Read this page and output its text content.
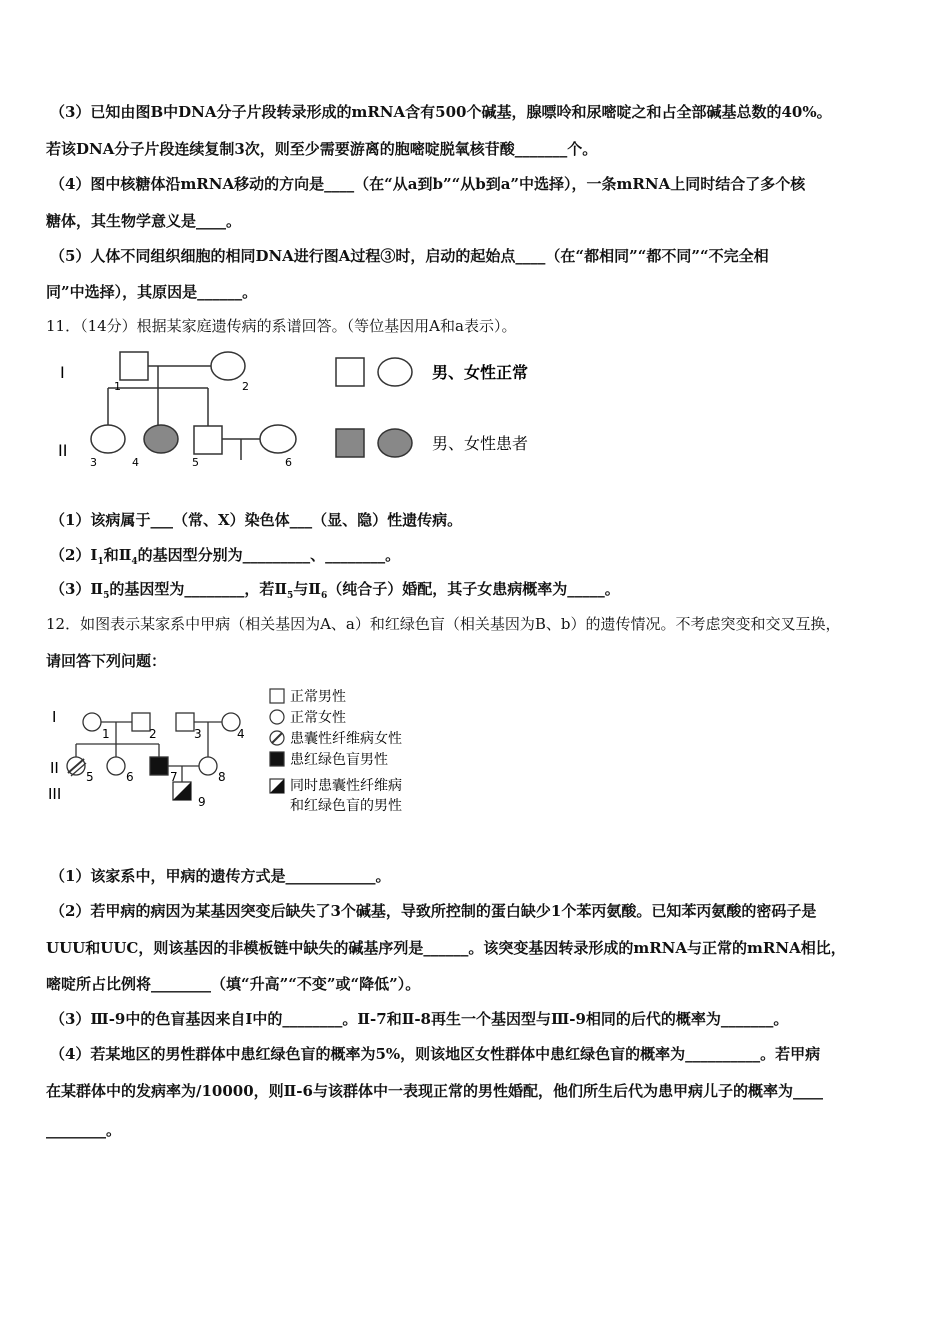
（3）已知由图B中DNA分子片段转录形成的mRNA含有500个碱基，腺嘌呤和尿嘧啶之和占全部碱基总数的40%。
若该DNA分子片段连续复制3次，则至少需要游离的胞嘧啶脱氧核苷酸_______个。
（4）图中核糖体沿mRNA移动的方向是____（在“从a到b”“从b到a”中选择），一条mRNA上同时结合了多个核
糖体，其生物学意义是____。
（5）人体不同组织细胞的相同DNA进行图A过程③时，启动的起始点____（在“都相同”“都不同”“不完全相
同”中选择），其原因是______。
11．（14分）根据某家庭遗传病的系谱回答。（等位基因用A和a表示）。
I
II
1	2
3	4	5	6
男、女性正常
男、女性患者
（1）该病属于___（常、X）染色体___（显、隐）性遗传病。
$(2)Ⅰ_1$和$Ⅱ_4$的基因型分别为_________、________。
$(3)Ⅱ_5$的基因型为________，若$Ⅱ_5$与$Ⅱ_6$（纯合子）婚配，其子女患病概率为_____。
12．如图表示某家系中甲病（相关基因为A、a）和红绿色盲（相关基因为B、b）的遗传情况。不考虑突变和交叉互换，
请回答下列问题：
I
II
III
1	2	3	4
5	6	7	8
9
正常男性
正常女性
患囊性纤维病女性
患红绿色盲男性
同时患囊性纤维病
和红绿色盲的男性
（1）该家系中，甲病的遗传方式是____________。
（2）若甲病的病因为某基因突变后缺失了3个碱基，导致所控制的蛋白缺少1个苯丙氨酸。已知苯丙氨酸的密码子是
UUU和UUC，则该基因的非模板链中缺失的碱基序列是______。该突变基因转录形成的mRNA与正常的mRNA相比，
嘧啶所占比例将________（填“升高”“不变”或“降低”）。
（3）Ⅲ-9中的色盲基因来自Ⅰ中的________。Ⅱ-7和Ⅱ-8再生一个基因型与Ⅲ-9相同的后代的概率为_______。
（4）若某地区的男性群体中患红绿色盲的概率为5%，则该地区女性群体中患红绿色盲的概率为__________。若甲病
在某群体中的发病率为/10000，则Ⅱ-6与该群体中一表现正常的男性婚配，他们所生后代为患甲病儿子的概率为____
________。
